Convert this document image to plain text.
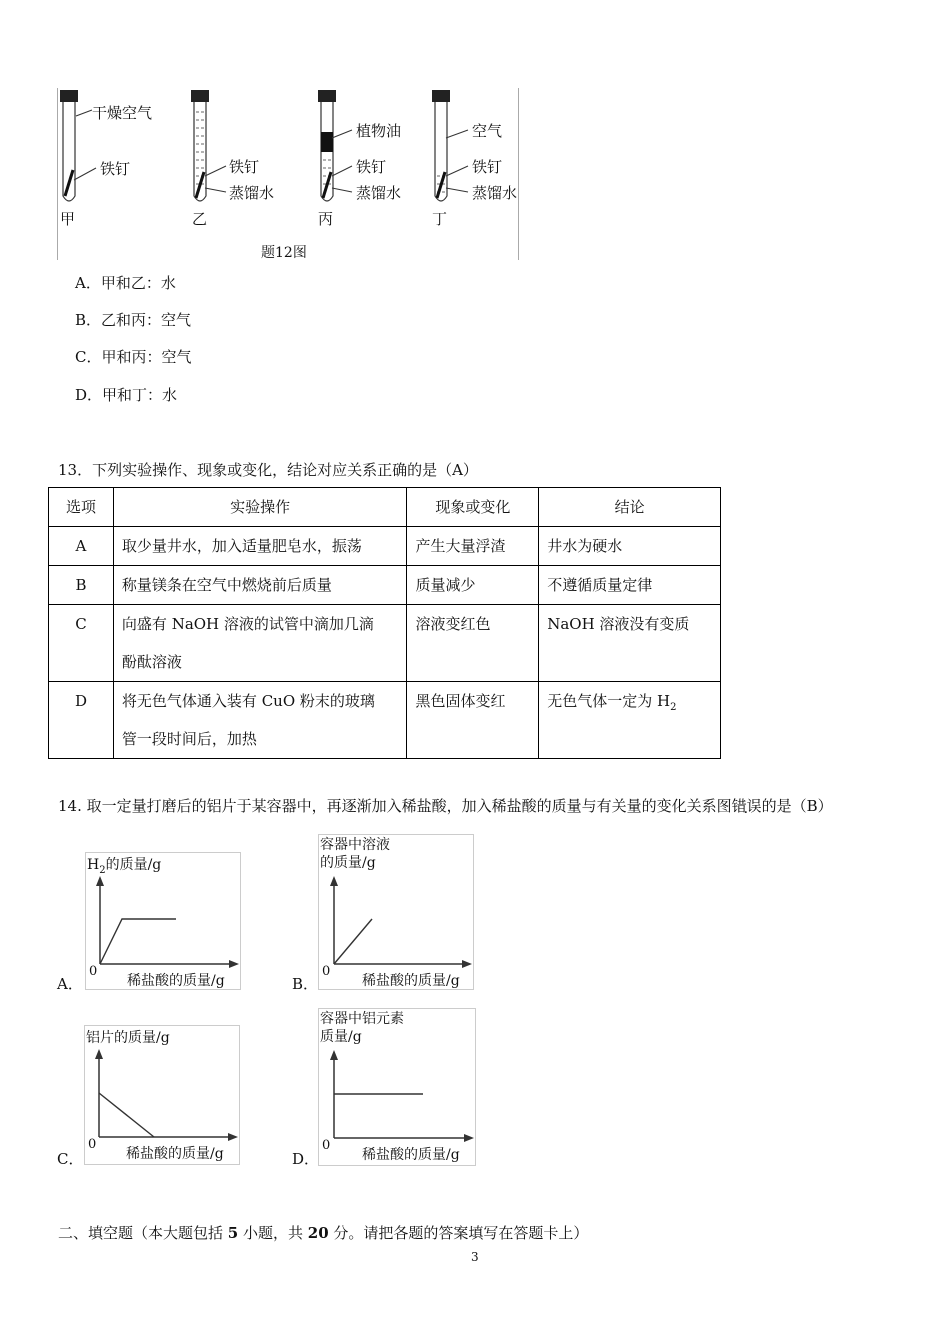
干燥空气
铁钉
甲
铁钉
蒸馏水
乙
植物油
铁钉
蒸馏水
丙
空气
铁钉
蒸馏水
丁
题12图
A．甲和乙：水
B．乙和丙：空气
C．甲和丙：空气
D．甲和丁：水
13．下列实验操作、现象或变化，结论对应关系正确的是（A）
选项	实验操作	现象或变化	结论
A	取少量井水，加入适量肥皂水，振荡	产生大量浮渣	井水为硬水
B	称量镁条在空气中燃烧前后质量	质量减少	不遵循质量定律
C	向盛有 NaOH 溶液的试管中滴加几滴
酚酞溶液	溶液变红色	NaOH 溶液没有变质
D	将无色气体通入装有 CuO 粉末的玻璃
管一段时间后，加热	黑色固体变红	无色气体一定为 $H_2$
14. 取一定量打磨后的铝片于某容器中，再逐渐加入稀盐酸，加入稀盐酸的质量与有关量的变化关系图错误的是（B）
A．
$H_2$的质量/g
0
稀盐酸的质量/g	B．
容器中溶液
的质量/g
0
稀盐酸的质量/g
C．
铝片的质量/g
0
稀盐酸的质量/g	D．
容器中铝元素
质量/g
0
稀盐酸的质量/g
二、填空题（本大题包括 5 小题，共 20 分。请把各题的答案填写在答题卡上）
3
